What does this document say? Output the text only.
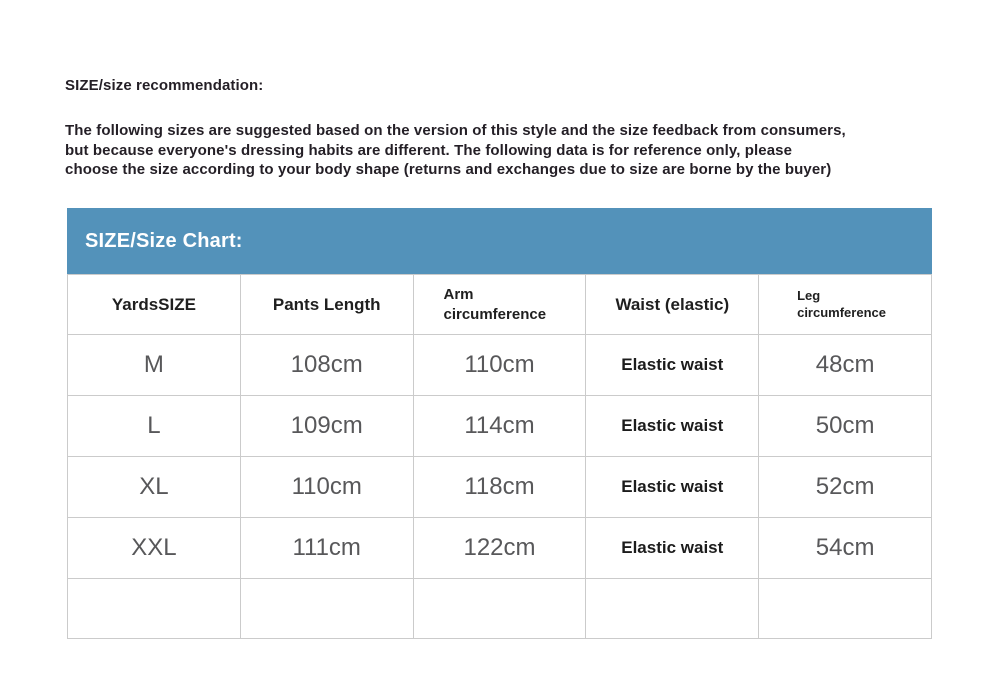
SIZE/size recommendation:
The following sizes are suggested based on the version of this style and the size feedback from consumers,
but because everyone's dressing habits are different. The following data is for reference only, please
choose the size according to your body shape (returns and exchanges due to size are borne by the buyer)
SIZE/Size Chart:
YardsSIZE	Pants Length	Arm circumference	Waist (elastic)	Leg circumference
M	108cm	110cm	Elastic waist	48cm
L	109cm	114cm	Elastic waist	50cm
XL	110cm	118cm	Elastic waist	52cm
XXL	111cm	122cm	Elastic waist	54cm
